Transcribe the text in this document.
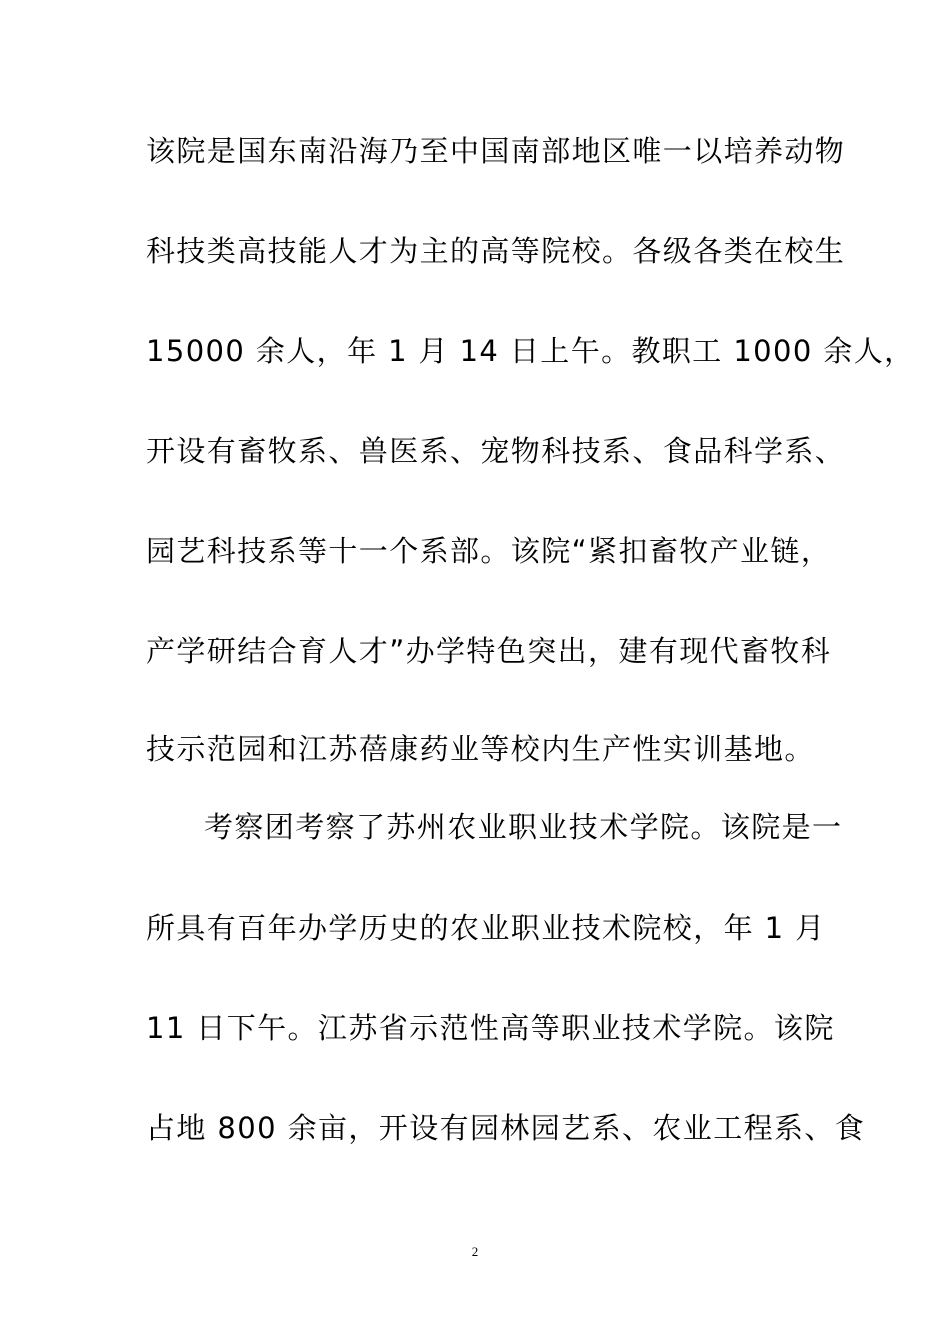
该院是国东南沿海乃至中国南部地区唯一以培养动物
科技类高技能人才为主的高等院校。各级各类在校生
15000 余人，年 1 月 14 日上午。教职工 1000 余人，
开设有畜牧系、兽医系、宠物科技系、食品科学系、
园艺科技系等十一个系部。该院“紧扣畜牧产业链，
产学研结合育人才”办学特色突出，建有现代畜牧科
技示范园和江苏蓓康药业等校内生产性实训基地。
考察团考察了苏州农业职业技术学院。该院是一
所具有百年办学历史的农业职业技术院校，年 1 月
11 日下午。江苏省示范性高等职业技术学院。该院
占地 800 余亩，开设有园林园艺系、农业工程系、食
2
